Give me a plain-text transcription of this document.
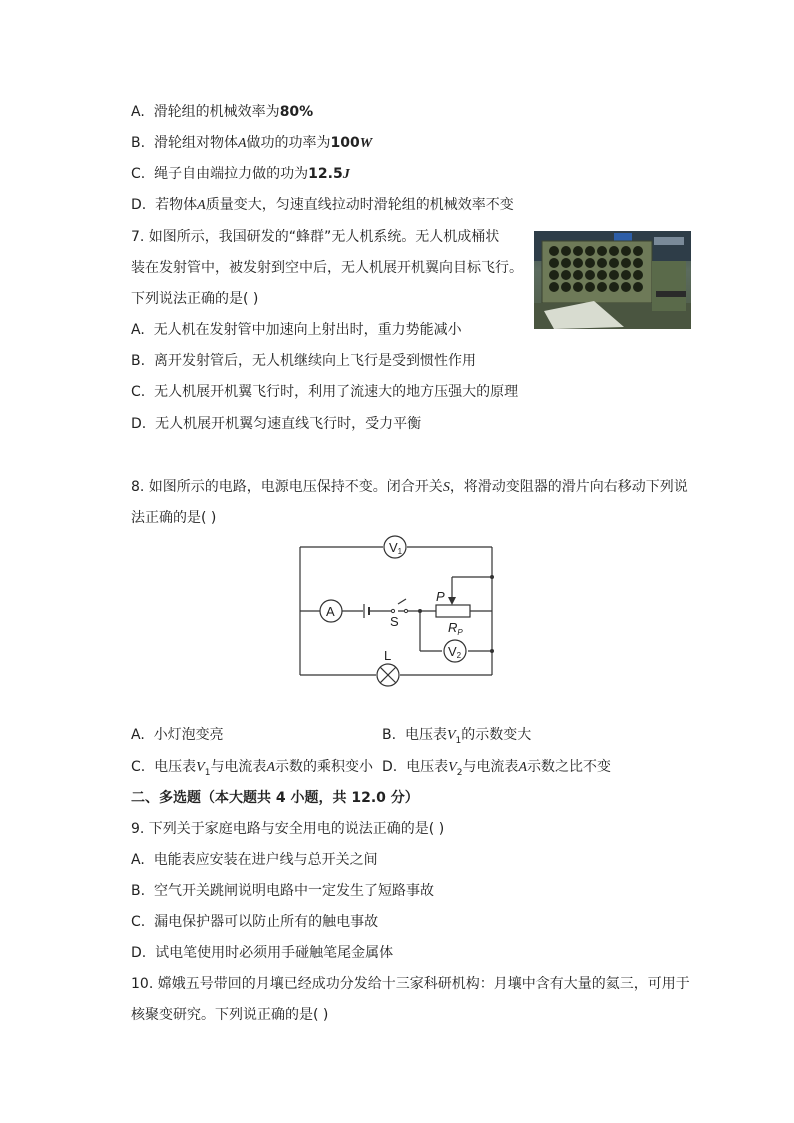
A. 滑轮组的机械效率为80%
B. 滑轮组对物体A做功的功率为100W
C. 绳子自由端拉力做的功为12.5J
D. 若物体A质量变大，匀速直线拉动时滑轮组的机械效率不变
7. 如图所示，我国研发的“蜂群”无人机系统。无人机成桶状
装在发射管中，被发射到空中后，无人机展开机翼向目标飞行。
下列说法正确的是( )
A. 无人机在发射管中加速向上射出时，重力势能减小
B. 离开发射管后，无人机继续向上飞行是受到惯性作用
C. 无人机展开机翼飞行时，利用了流速大的地方压强大的原理
D. 无人机展开机翼匀速直线飞行时，受力平衡
8. 如图所示的电路，电源电压保持不变。闭合开关S，将滑动变阻器的滑片向右移动下列说
法正确的是( )
V1
A
V2
S
P
$R_P$
L
A. 小灯泡变亮	B. 电压表$V_1$的示数变大
C. 电压表$V_1$与电流表A示数的乘积变小 D. 电压表$V_2$与电流表A示数之比不变
二、多选题（本大题共 4 小题，共 12.0 分）
9. 下列关于家庭电路与安全用电的说法正确的是( )
A. 电能表应安装在进户线与总开关之间
B. 空气开关跳闸说明电路中一定发生了短路事故
C. 漏电保护器可以防止所有的触电事故
D. 试电笔使用时必须用手碰触笔尾金属体
10. 嫦娥五号带回的月壤已经成功分发给十三家科研机构：月壤中含有大量的氦三，可用于
核聚变研究。下列说正确的是( )
